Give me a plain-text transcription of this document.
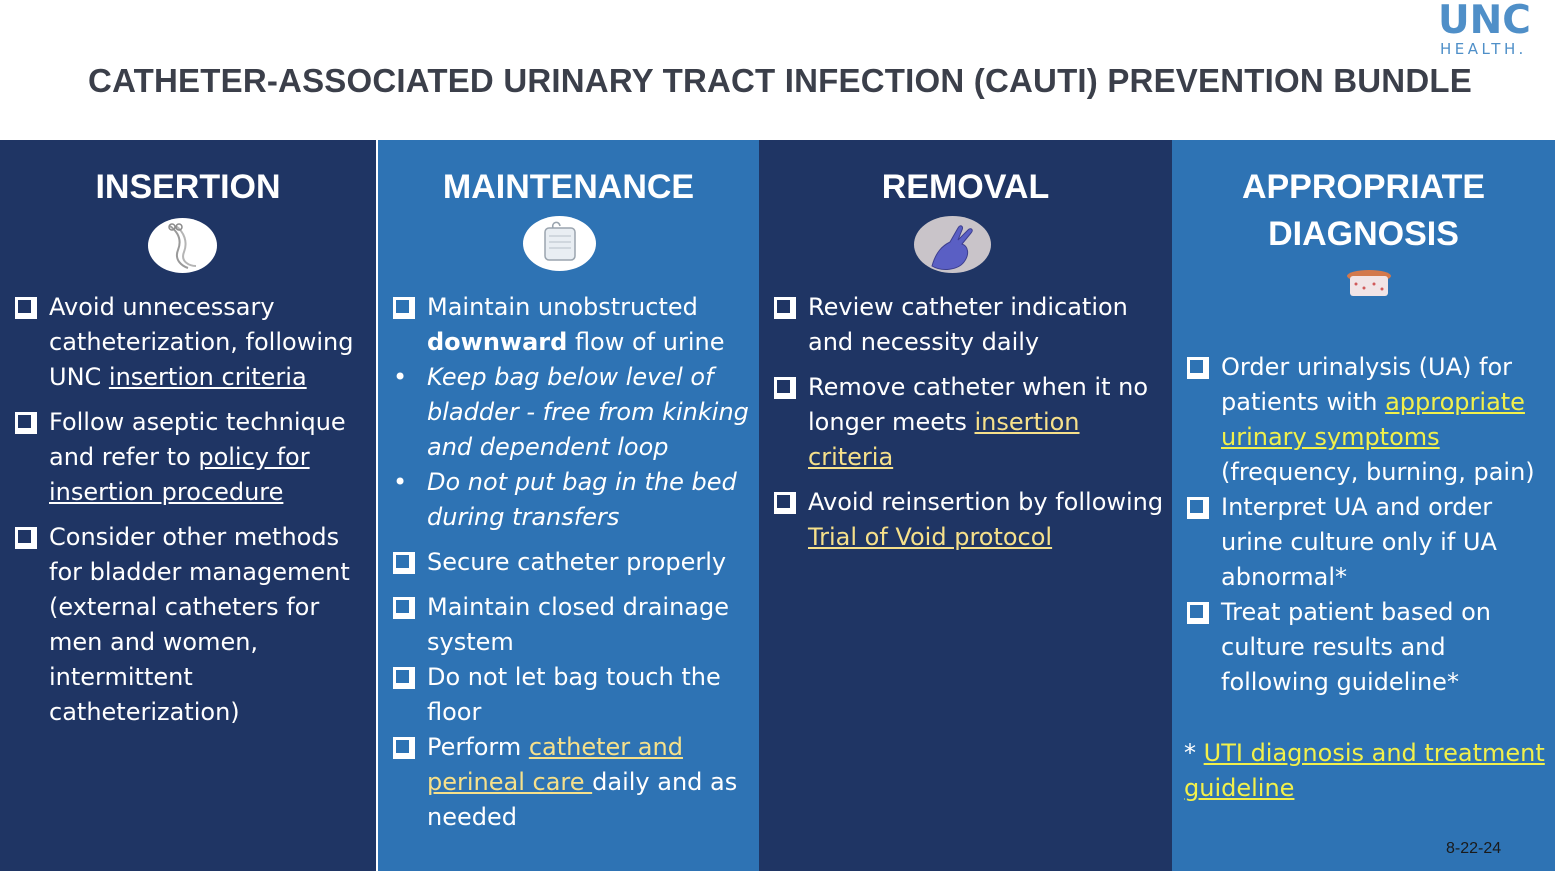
CATHETER-ASSOCIATED URINARY TRACT INFECTION (CAUTI) PREVENTION BUNDLE
UNC
HEALTH.
INSERTION
Avoid unnecessary catheterization, following UNC insertion criteria
Follow aseptic technique and refer to policy for insertion procedure
Consider other methods for bladder management (external catheters for men and women, intermittent catheterization)
MAINTENANCE
Maintain unobstructed downward flow of urine
• Keep bag below level of bladder - free from kinking and dependent loop
• Do not put bag in the bed during transfers
Secure catheter properly
Maintain closed drainage system
Do not let bag touch the floor
Perform catheter and perineal care daily and as needed
REMOVAL
Review catheter indication and necessity daily
Remove catheter when it no longer meets insertion criteria
Avoid reinsertion by following Trial of Void protocol
APPROPRIATE
DIAGNOSIS
Order urinalysis (UA) for patients with appropriate urinary symptoms (frequency, burning, pain)
Interpret UA and order urine culture only if UA abnormal*
Treat patient based on culture results and following guideline*
* UTI diagnosis and treatment guideline
8-22-24
